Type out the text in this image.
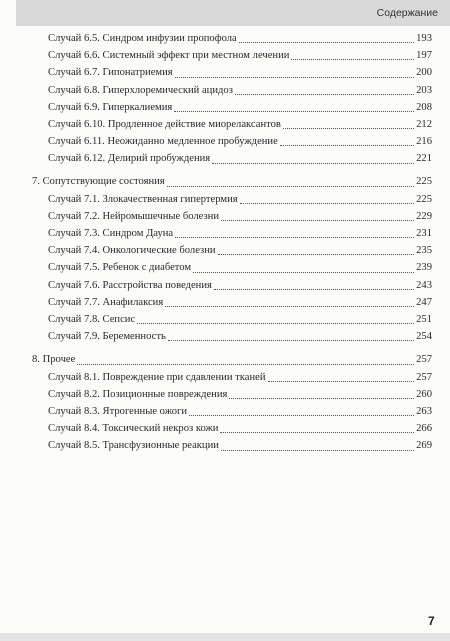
Содержание
Случай 6.5. Синдром инфузии пропофола	193
Случай 6.6. Системный эффект при местном лечении	197
Случай 6.7. Гипонатриемия	200
Случай 6.8. Гиперхлоремический ацидоз	203
Случай 6.9. Гиперкалиемия	208
Случай 6.10. Продленное действие миорелаксантов	212
Случай 6.11. Неожиданно медленное пробуждение	216
Случай 6.12. Делирий пробуждения	221
7. Сопутствующие состояния	225
Случай 7.1. Злокачественная гипертермия	225
Случай 7.2. Нейромышечные болезни	229
Случай 7.3. Синдром Дауна	231
Случай 7.4. Онкологические болезни	235
Случай 7.5. Ребенок с диабетом	239
Случай 7.6. Расстройства поведения	243
Случай 7.7. Анафилаксия	247
Случай 7.8. Сепсис	251
Случай 7.9. Беременность	254
8. Прочее	257
Случай 8.1. Повреждение при сдавлении тканей	257
Случай 8.2. Позиционные повреждения	260
Случай 8.3. Ятрогенные ожоги	263
Случай 8.4. Токсический некроз кожи	266
Случай 8.5. Трансфузионные реакции	269
7
